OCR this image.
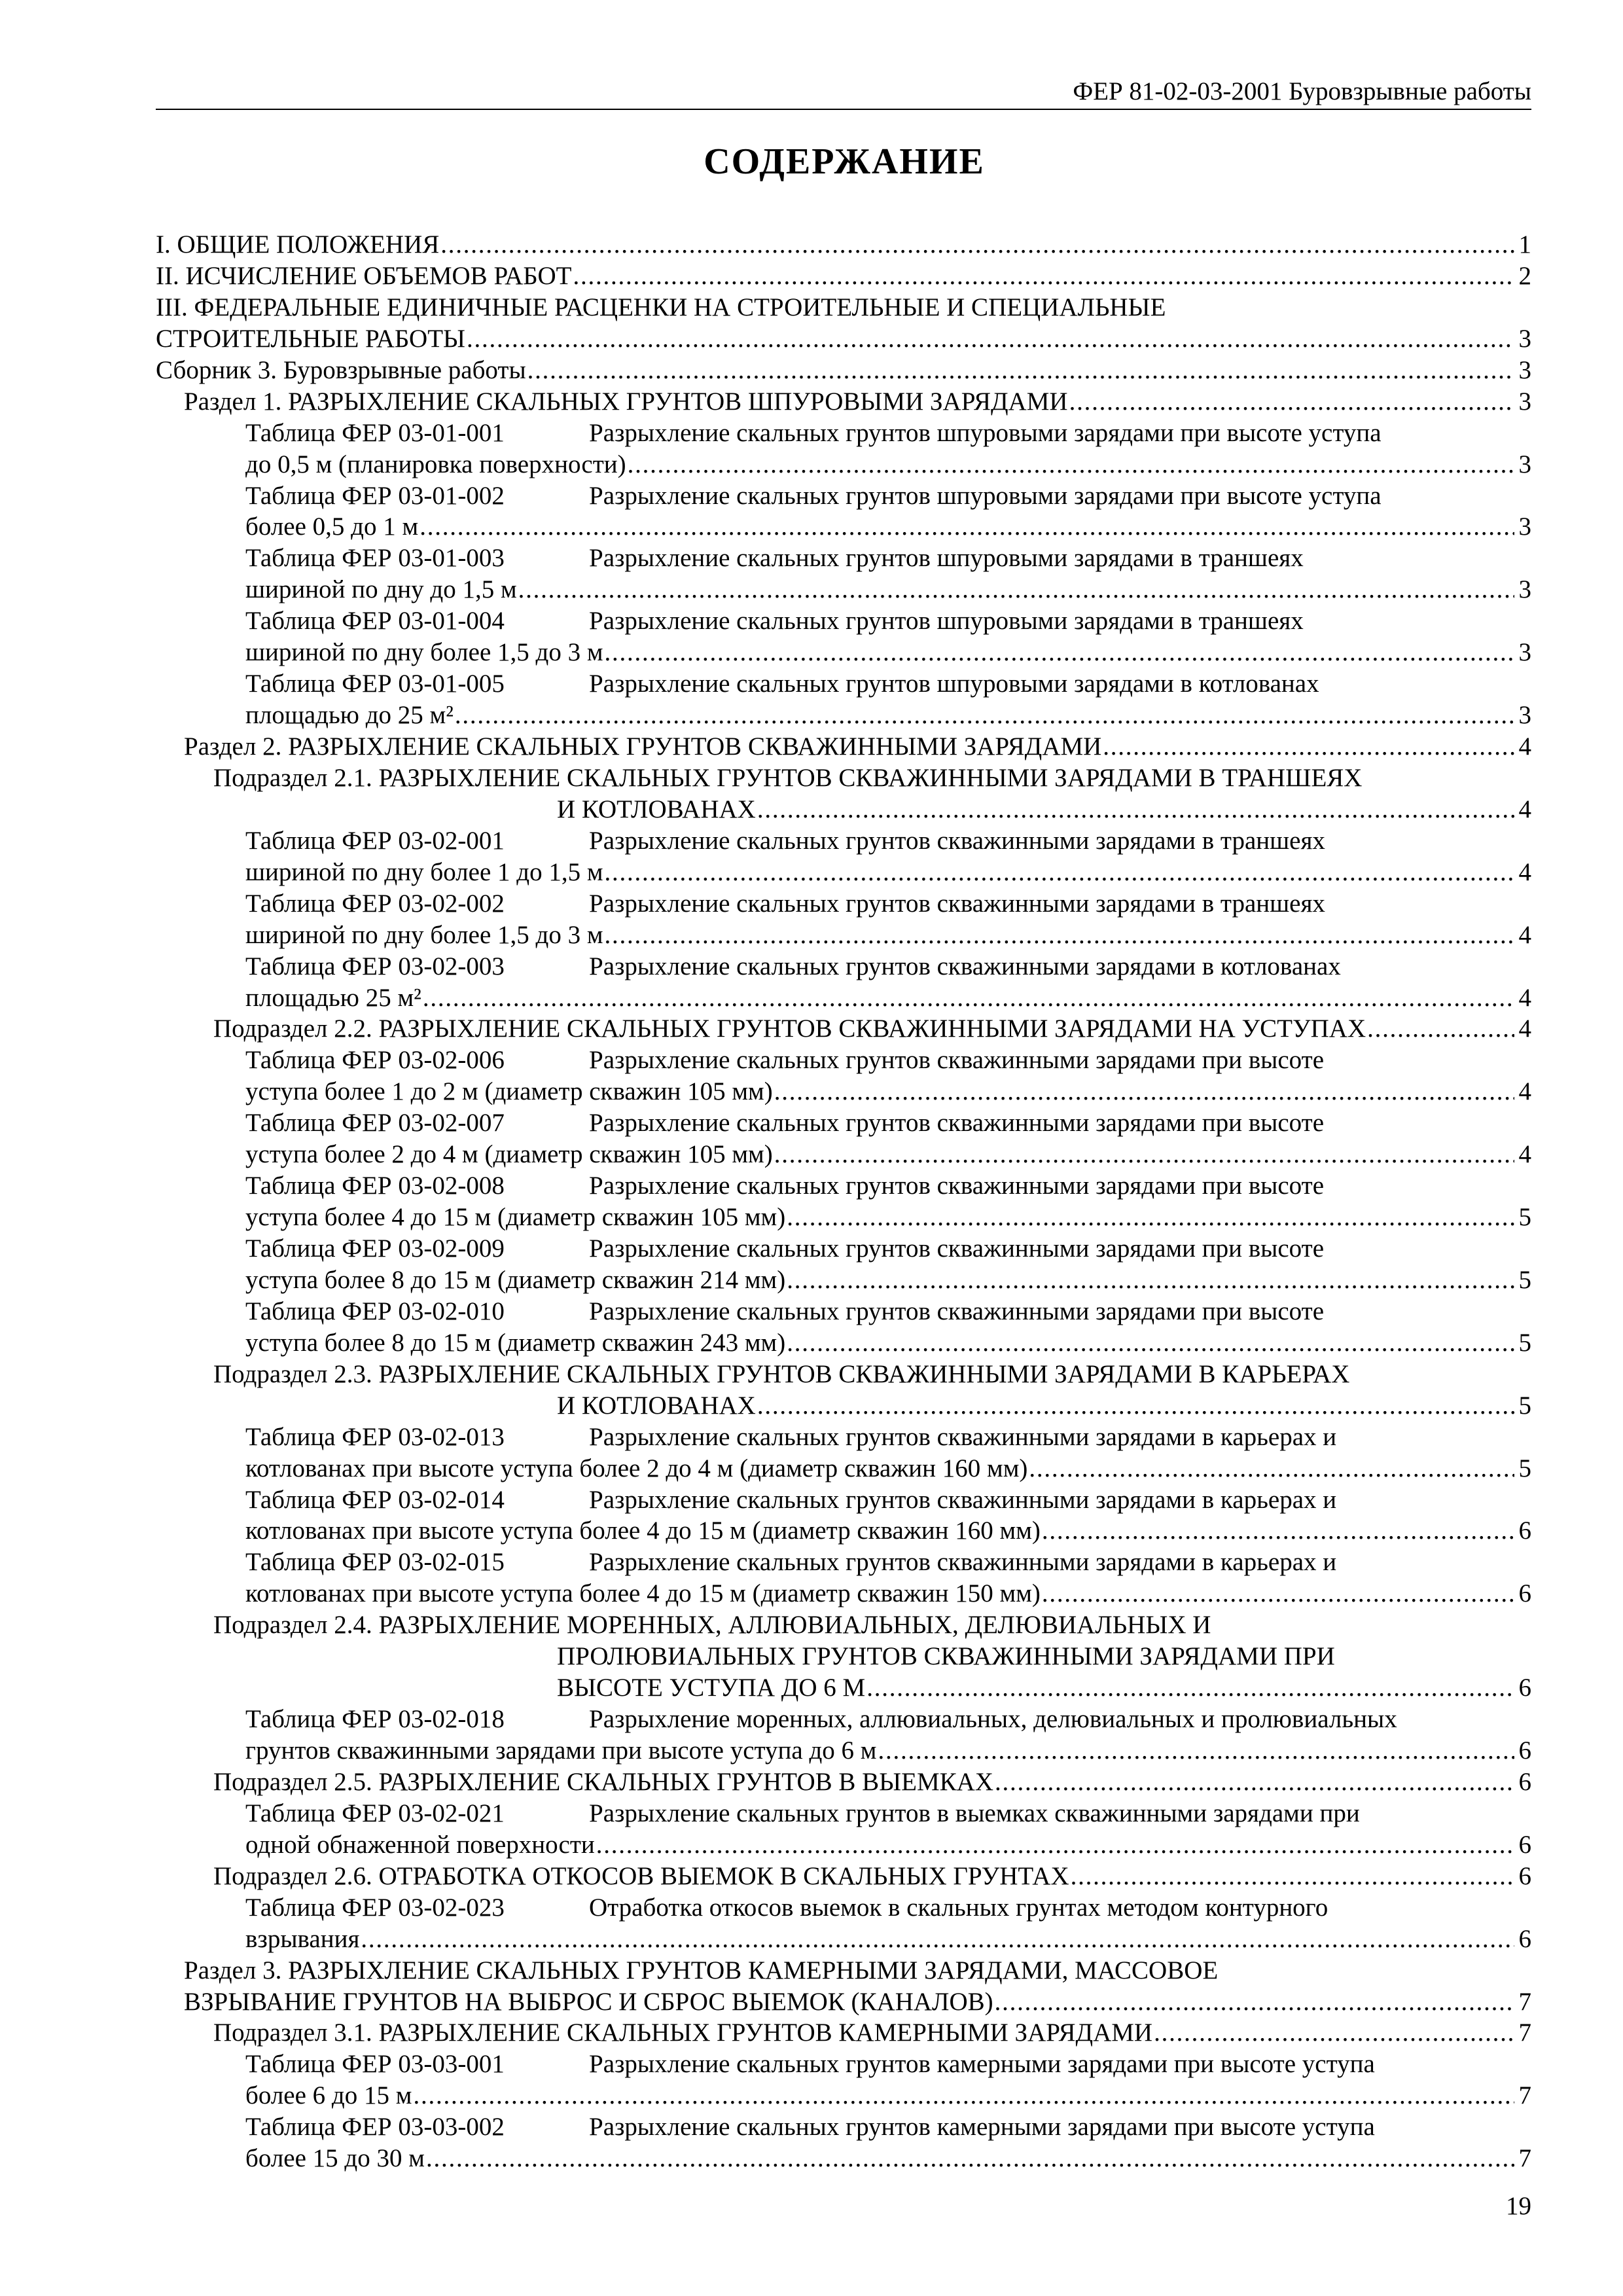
ФЕР 81-02-03-2001 Буровзрывные работы
СОДЕРЖАНИЕ
I. ОБЩИЕ ПОЛОЖЕНИЯ . . .	1
II. ИСЧИСЛЕНИЕ ОБЪЕМОВ РАБОТ . . .	2
III. ФЕДЕРАЛЬНЫЕ ЕДИНИЧНЫЕ РАСЦЕНКИ НА СТРОИТЕЛЬНЫЕ И СПЕЦИАЛЬНЫЕ
СТРОИТЕЛЬНЫЕ РАБОТЫ . . .	3
Сборник 3. Буровзрывные работы . . .	3
Раздел 1. РАЗРЫХЛЕНИЕ СКАЛЬНЫХ ГРУНТОВ ШПУРОВЫМИ ЗАРЯДАМИ . . .	3
Таблица ФЕР 03-01-001	Разрыхление скальных грунтов шпуровыми зарядами при высоте уступа
до 0,5 м (планировка поверхности) . . .	3
Таблица ФЕР 03-01-002	Разрыхление скальных грунтов шпуровыми зарядами при высоте уступа
более 0,5 до 1 м . . .	3
Таблица ФЕР 03-01-003	Разрыхление скальных грунтов шпуровыми зарядами в траншеях
шириной по дну до 1,5 м . . .	3
Таблица ФЕР 03-01-004	Разрыхление скальных грунтов шпуровыми зарядами в траншеях
шириной по дну более 1,5 до 3 м . . .	3
Таблица ФЕР 03-01-005	Разрыхление скальных грунтов шпуровыми зарядами в котлованах
площадью до 25 м² . . .	3
Раздел 2. РАЗРЫХЛЕНИЕ СКАЛЬНЫХ ГРУНТОВ СКВАЖИННЫМИ ЗАРЯДАМИ . . .	4
Подраздел 2.1. РАЗРЫХЛЕНИЕ СКАЛЬНЫХ ГРУНТОВ СКВАЖИННЫМИ ЗАРЯДАМИ В ТРАНШЕЯХ
И КОТЛОВАНАХ . . .	4
Таблица ФЕР 03-02-001	Разрыхление скальных грунтов скважинными зарядами в траншеях
шириной по дну более 1 до 1,5 м . . .	4
Таблица ФЕР 03-02-002	Разрыхление скальных грунтов скважинными зарядами в траншеях
шириной по дну более 1,5 до 3 м . . .	4
Таблица ФЕР 03-02-003	Разрыхление скальных грунтов скважинными зарядами в котлованах
площадью 25 м² . . .	4
Подраздел 2.2. РАЗРЫХЛЕНИЕ СКАЛЬНЫХ ГРУНТОВ СКВАЖИННЫМИ ЗАРЯДАМИ НА УСТУПАХ . . .	4
Таблица ФЕР 03-02-006	Разрыхление скальных грунтов скважинными зарядами при высоте
уступа более 1 до 2 м (диаметр скважин 105 мм) . . .	4
Таблица ФЕР 03-02-007	Разрыхление скальных грунтов скважинными зарядами при высоте
уступа более 2 до 4 м (диаметр скважин 105 мм) . . .	4
Таблица ФЕР 03-02-008	Разрыхление скальных грунтов скважинными зарядами при высоте
уступа более 4 до 15 м (диаметр скважин 105 мм) . . .	5
Таблица ФЕР 03-02-009	Разрыхление скальных грунтов скважинными зарядами при высоте
уступа более 8 до 15 м (диаметр скважин 214 мм) . . .	5
Таблица ФЕР 03-02-010	Разрыхление скальных грунтов скважинными зарядами при высоте
уступа более 8 до 15 м (диаметр скважин 243 мм) . . .	5
Подраздел 2.3. РАЗРЫХЛЕНИЕ СКАЛЬНЫХ ГРУНТОВ СКВАЖИННЫМИ ЗАРЯДАМИ В КАРЬЕРАХ
И КОТЛОВАНАХ . . .	5
Таблица ФЕР 03-02-013	Разрыхление скальных грунтов скважинными зарядами в карьерах и
котлованах при высоте уступа более 2 до 4 м (диаметр скважин 160 мм) . . .	5
Таблица ФЕР 03-02-014	Разрыхление скальных грунтов скважинными зарядами в карьерах и
котлованах при высоте уступа более 4 до 15 м (диаметр скважин 160 мм) . . .	6
Таблица ФЕР 03-02-015	Разрыхление скальных грунтов скважинными зарядами в карьерах и
котлованах при высоте уступа более 4 до 15 м (диаметр скважин 150 мм) . . .	6
Подраздел 2.4. РАЗРЫХЛЕНИЕ МОРЕННЫХ, АЛЛЮВИАЛЬНЫХ, ДЕЛЮВИАЛЬНЫХ И
ПРОЛЮВИАЛЬНЫХ ГРУНТОВ СКВАЖИННЫМИ ЗАРЯДАМИ ПРИ
ВЫСОТЕ УСТУПА ДО 6 М . . .	6
Таблица ФЕР 03-02-018	Разрыхление моренных, аллювиальных, делювиальных и пролювиальных
грунтов скважинными зарядами при высоте уступа до 6 м . . .	6
Подраздел 2.5. РАЗРЫХЛЕНИЕ СКАЛЬНЫХ ГРУНТОВ В ВЫЕМКАХ . . .	6
Таблица ФЕР 03-02-021	Разрыхление скальных грунтов в выемках скважинными зарядами при
одной обнаженной поверхности . . .	6
Подраздел 2.6. ОТРАБОТКА ОТКОСОВ ВЫЕМОК В СКАЛЬНЫХ ГРУНТАХ . . .	6
Таблица ФЕР 03-02-023	Отработка откосов выемок в скальных грунтах методом контурного
взрывания . . .	6
Раздел 3. РАЗРЫХЛЕНИЕ СКАЛЬНЫХ ГРУНТОВ КАМЕРНЫМИ ЗАРЯДАМИ, МАССОВОЕ
ВЗРЫВАНИЕ ГРУНТОВ НА ВЫБРОС И СБРОС ВЫЕМОК (КАНАЛОВ) . . .	7
Подраздел 3.1. РАЗРЫХЛЕНИЕ СКАЛЬНЫХ ГРУНТОВ КАМЕРНЫМИ ЗАРЯДАМИ . . .	7
Таблица ФЕР 03-03-001	Разрыхление скальных грунтов камерными зарядами при высоте уступа
более 6 до 15 м . . .	7
Таблица ФЕР 03-03-002	Разрыхление скальных грунтов камерными зарядами при высоте уступа
более 15 до 30 м . . .	7
19
